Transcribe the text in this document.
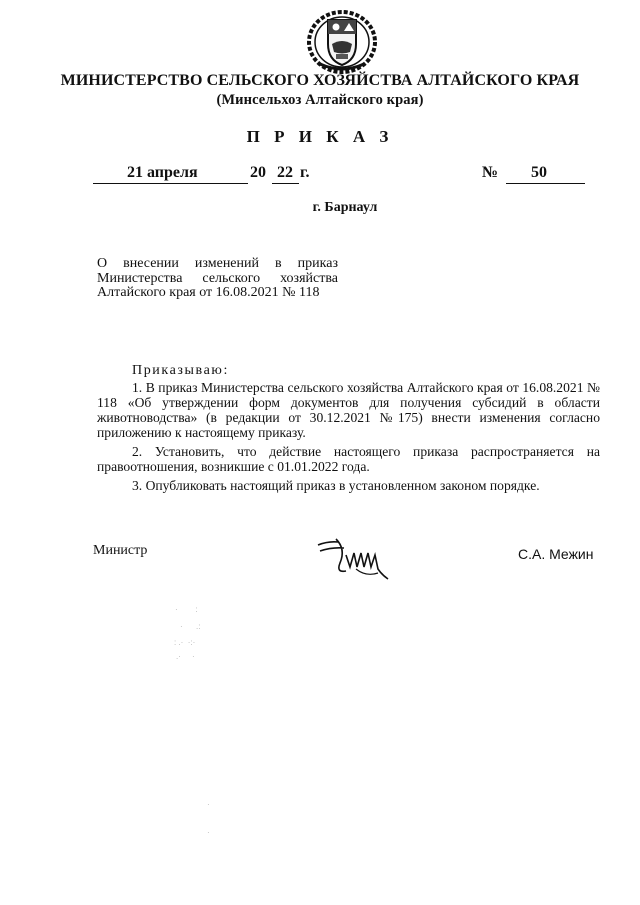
МИНИСТЕРСТВО СЕЛЬСКОГО ХОЗЯЙСТВА АЛТАЙСКОГО КРАЯ
(Минсельхоз Алтайского края)
П Р И К А З
21 апреля	20 22 г.	№ 50
г. Барнаул
О внесении изменений в приказ Министерства сельского хозяйства Алтайского края от 16.08.2021 № 118
Приказываю:
1. В приказ Министерства сельского хозяйства Алтайского края от 16.08.2021 № 118 «Об утверждении форм документов для получения субсидий в области животноводства» (в редакции от 30.12.2021 №175) внести изменения согласно приложению к настоящему приказу.
2. Установить, что действие настоящего приказа распространяется на правоотношения, возникшие с 01.01.2022 года.
3. Опубликовать настоящий приказ в установленном законом порядке.
Министр	С.А. Межин
·        :
·      .:
: .·  ·:·
.·     ·
·
·
